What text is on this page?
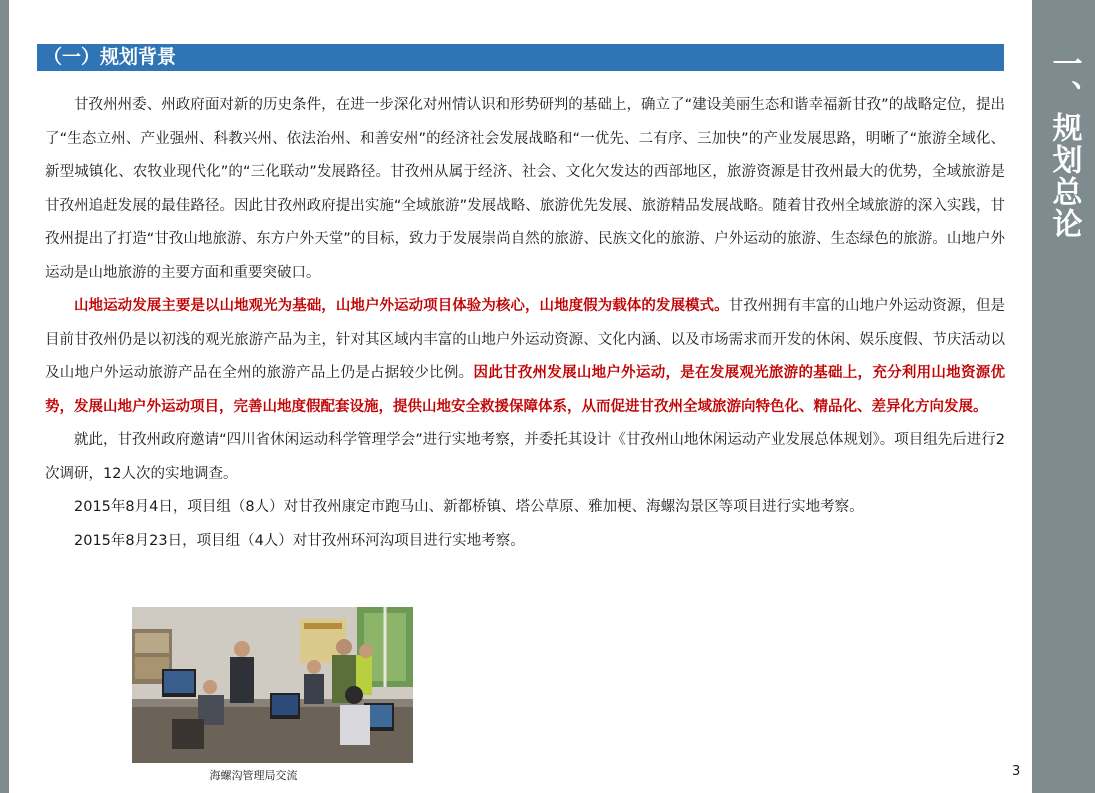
一、规划总论
（一）规划背景

甘孜州州委、州政府面对新的历史条件，在进一步深化对州情认识和形势研判的基础上，确立了“建设美丽生态和谐幸福新甘孜”的战略定位，提出了“生态立州、产业强州、科教兴州、依法治州、和善安州”的经济社会发展战略和“一优先、二有序、三加快”的产业发展思路，明晰了“旅游全域化、新型城镇化、农牧业现代化”的“三化联动”发展路径。甘孜州从属于经济、社会、文化欠发达的西部地区，旅游资源是甘孜州最大的优势，全域旅游是甘孜州追赶发展的最佳路径。因此甘孜州政府提出实施“全域旅游”发展战略、旅游优先发展、旅游精品发展战略。随着甘孜州全域旅游的深入实践，甘孜州提出了打造“甘孜山地旅游、东方户外天堂”的目标，致力于发展崇尚自然的旅游、民族文化的旅游、户外运动的旅游、生态绿色的旅游。山地户外运动是山地旅游的主要方面和重要突破口。

山地运动发展主要是以山地观光为基础，山地户外运动项目体验为核心，山地度假为载体的发展模式。甘孜州拥有丰富的山地户外运动资源，但是目前甘孜州仍是以初浅的观光旅游产品为主，针对其区域内丰富的山地户外运动资源、文化内涵、以及市场需求而开发的休闲、娱乐度假、节庆活动以及山地户外运动旅游产品在全州的旅游产品上仍是占据较少比例。因此甘孜州发展山地户外运动，是在发展观光旅游的基础上，充分利用山地资源优势，发展山地户外运动项目，完善山地度假配套设施，提供山地安全救援保障体系，从而促进甘孜州全域旅游向特色化、精品化、差异化方向发展。

就此，甘孜州政府邀请“四川省休闲运动科学管理学会”进行实地考察，并委托其设计《甘孜州山地休闲运动产业发展总体规划》。项目组先后进行2次调研，12人次的实地调查。

2015年8月4日，项目组（8人）对甘孜州康定市跑马山、新都桥镇、塔公草原、雅加梗、海螺沟景区等项目进行实地考察。

2015年8月23日，项目组（4人）对甘孜州环河沟项目进行实地考察。

海螺沟管理局交流	3
